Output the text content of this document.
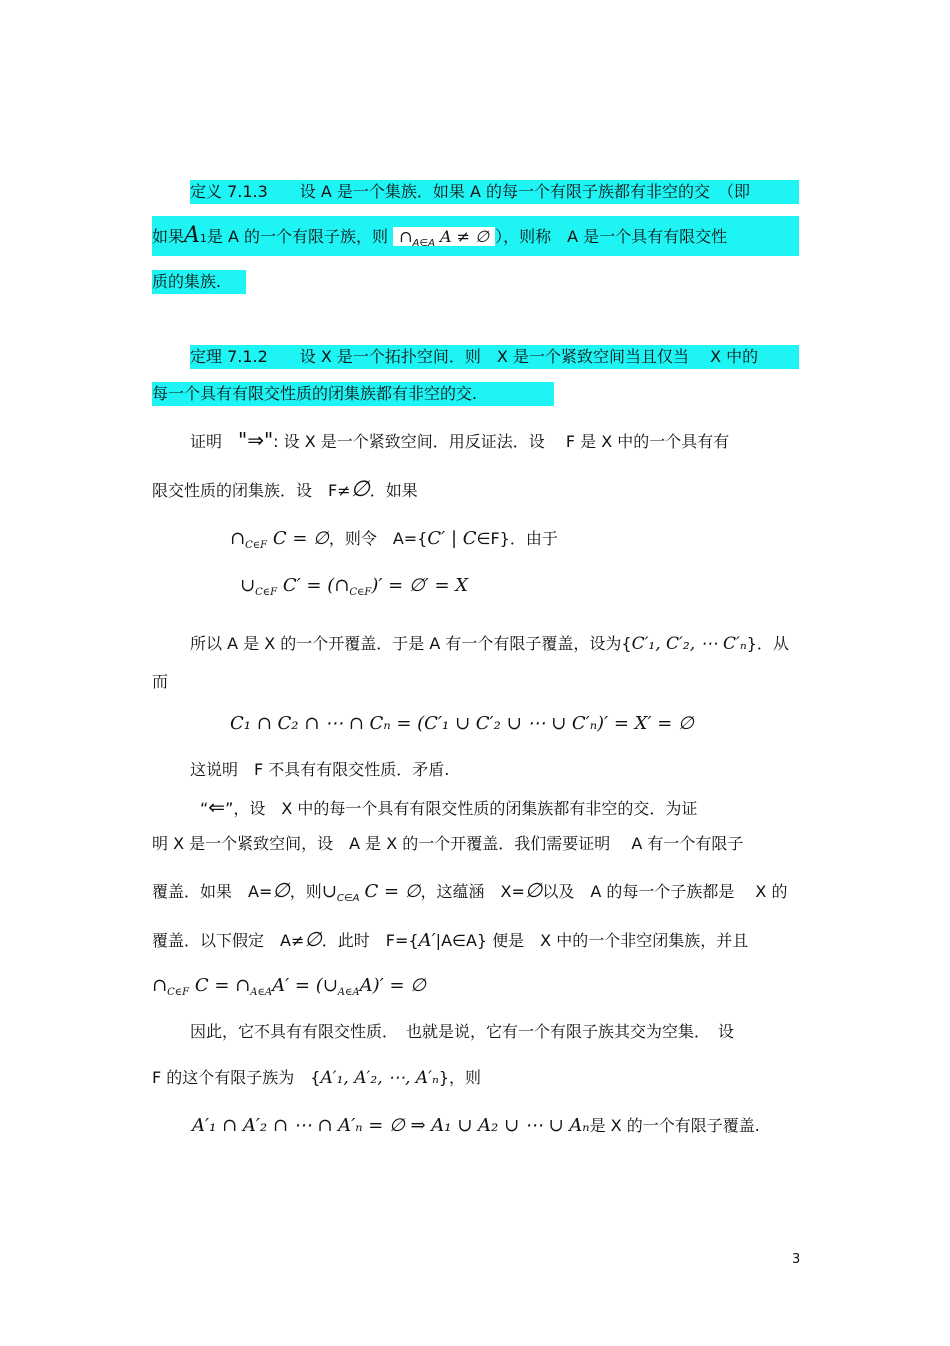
定义 7.1.3　　设 A 是一个集族．如果 A 的每一个有限子族都有非空的交　（即
如果A1是 A 的一个有限子族，则 $\cap_{A\in A}$ A ≠ ∅ ），则称　A 是一个具有有限交性
质的集族.
定理 7.1.2　　设 X 是一个拓扑空间．则　X 是一个紧致空间当且仅当　 X 中的
每一个具有有限交性质的闭集族都有非空的交.
证明　"⇒": 设 X 是一个紧致空间．用反证法．设　 F 是 X 中的一个具有有
限交性质的闭集族．设　F≠∅．如果
$\cap_{C\in F}$ C = ∅，则令　A={C′ | C∈F}．由于
$\cup_{C\in F}$ $C' = (\cap_{C\in F})'$ = ∅′ = X
所以 A 是 X 的一个开覆盖．于是 A 有一个有限子覆盖，设为{C′₁, C′₂, ⋯ C′ₙ}．从
而
C₁ ∩ C₂ ∩ ⋯ ∩ Cₙ = (C′₁ ∪ C′₂ ∪ ⋯ ∪ C′ₙ)′ = X′ = ∅
这说明　F 不具有有限交性质．矛盾.
“⇐”，设　X 中的每一个具有有限交性质的闭集族都有非空的交．为证
明 X 是一个紧致空间，设　A 是 X 的一个开覆盖．我们需要证明　 A 有一个有限子
覆盖．如果　A=∅，则$\cup_{C\in A}$ C = ∅，这蕴涵　X=∅以及　A 的每一个子族都是　 X 的
覆盖．以下假定　A≠∅．此时　F={A′|A∈A} 便是　X 中的一个非空闭集族，并且
$\cap_{C\in F}$ $C = \cap_{A\in A}A'$ = $(\cup_{A\in A}A)'$ = ∅
因此，它不具有有限交性质．　也就是说，它有一个有限子族其交为空集．　设
F 的这个有限子族为　{A′₁, A′₂, ⋯, A′ₙ}，则
A′₁ ∩ A′₂ ∩ ⋯ ∩ A′ₙ = ∅ ⇒ A₁ ∪ A₂ ∪ ⋯ ∪ Aₙ是 X 的一个有限子覆盖.
3
